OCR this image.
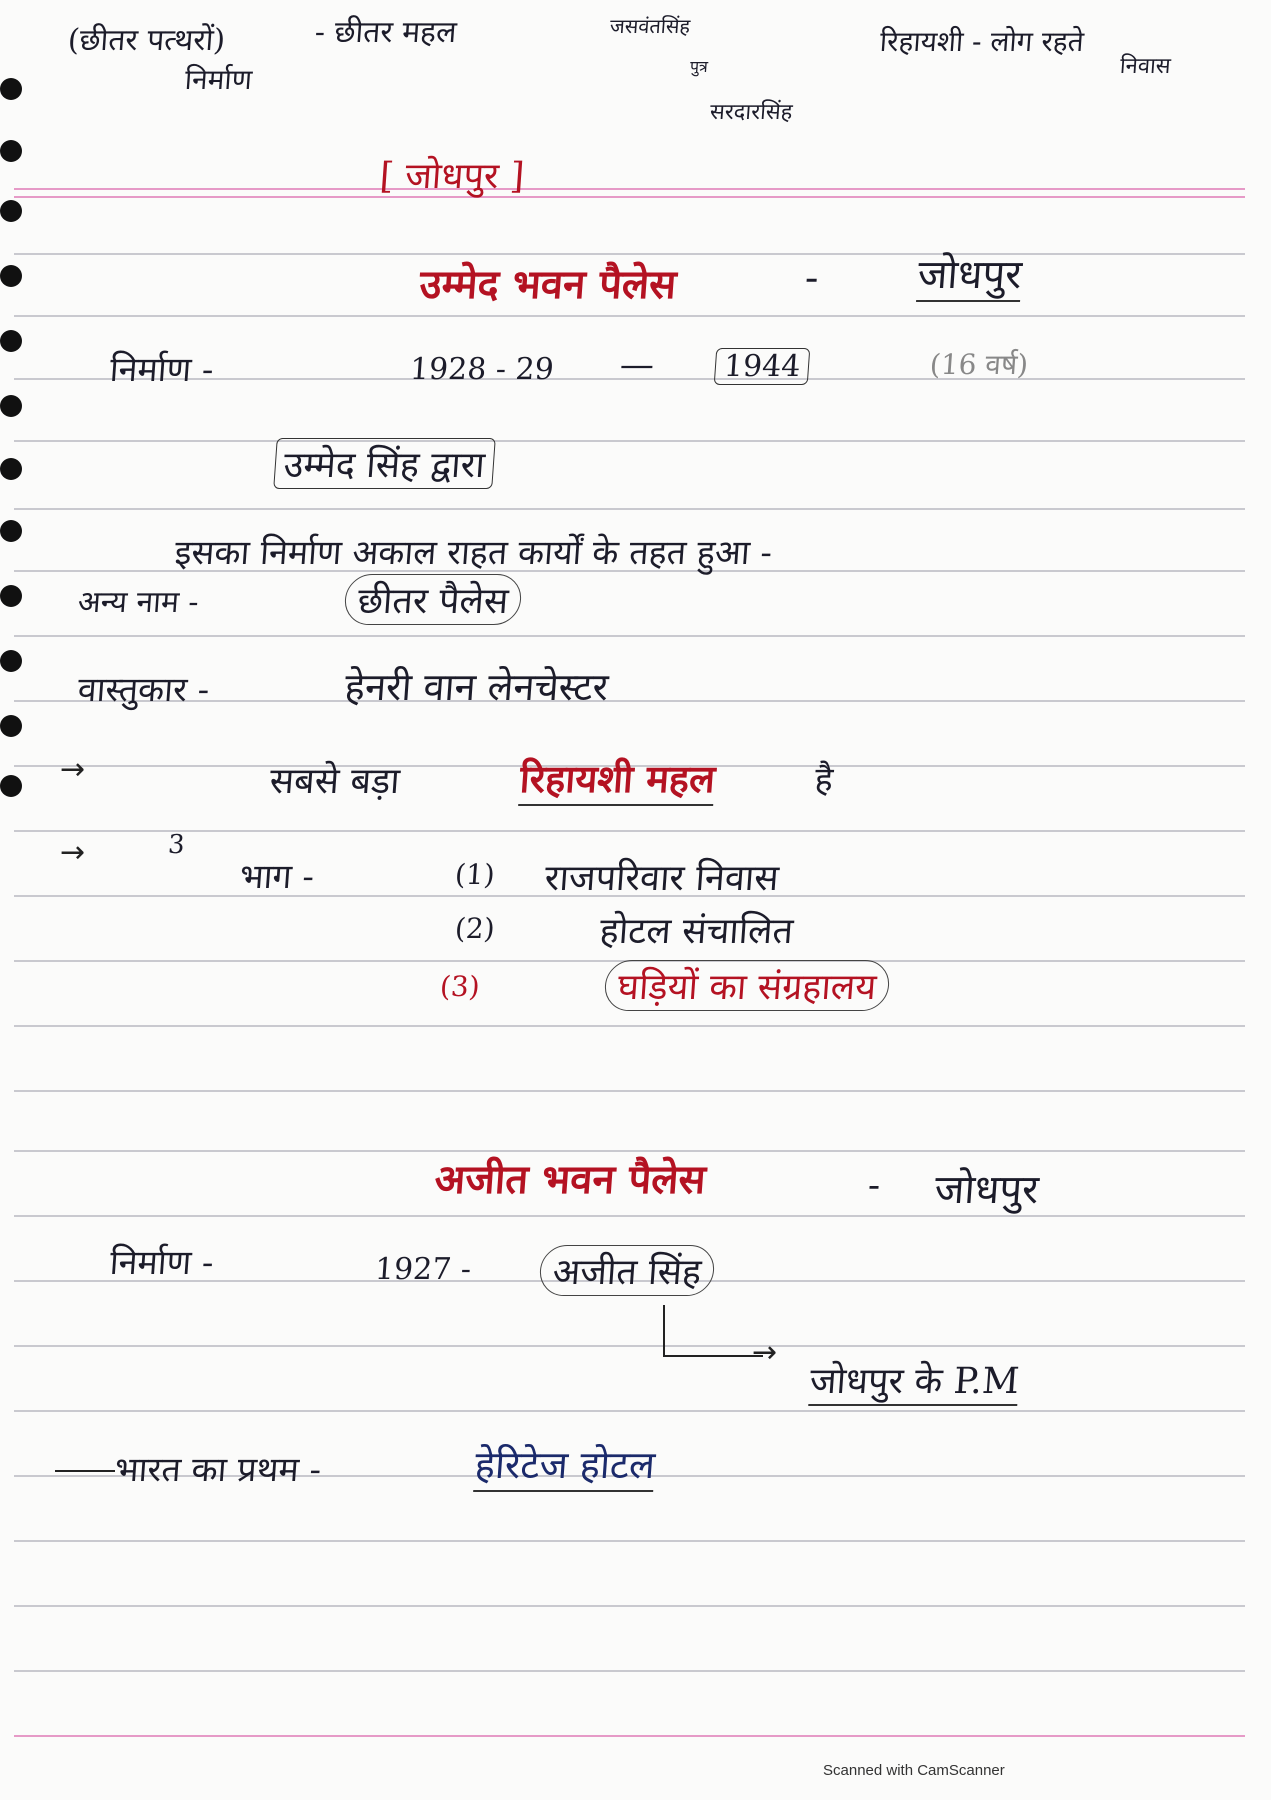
(छीतर पत्थरों)
निर्माण
- छीतर महल	जसवंतसिंह
पुत्र
सरदारसिंह
रिहायशी - लोग रहते
निवास
[ जोधपुर ]
उम्मेद भवन पैलेस	- जोधपुर
निर्माण -	1928 - 29 —	1944	(16 वर्ष)
उम्मेद सिंह द्वारा
इसका निर्माण अकाल राहत कार्यों के तहत हुआ -
अन्य नाम -	छीतर पैलेस
वास्तुकार -	हेनरी वान लेनचेस्टर
→	सबसे बड़ा	रिहायशी महल	है
→	3
भाग -	(1) राजपरिवार निवास
(2)	होटल संचालित
(3)	घड़ियों का संग्रहालय
अजीत भवन पैलेस	- जोधपुर
निर्माण -	1927 -	अजीत सिंह
→
जोधपुर के P.M
भारत का प्रथम -	हेरिटेज होटल
Scanned with CamScanner
